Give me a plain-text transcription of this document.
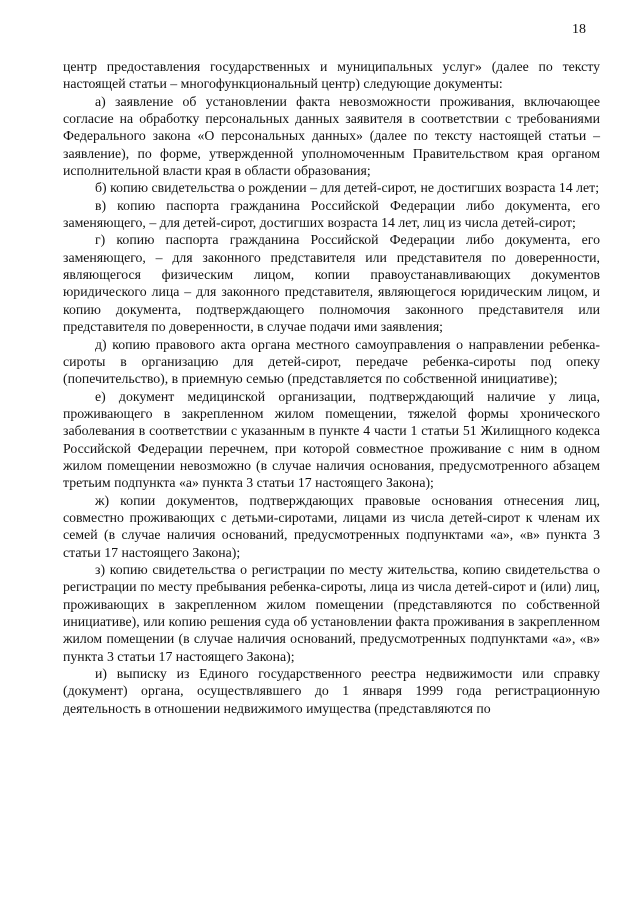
18

центр предоставления государственных и муниципальных услуг» (далее по тексту настоящей статьи – многофункциональный центр) следующие документы:

а) заявление об установлении факта невозможности проживания, включающее согласие на обработку персональных данных заявителя в соответствии с требованиями Федерального закона «О персональных данных» (далее по тексту настоящей статьи – заявление), по форме, утвержденной уполномоченным Правительством края органом исполнительной власти края в области образования;

б) копию свидетельства о рождении – для детей-сирот, не достигших возраста 14 лет;

в) копию паспорта гражданина Российской Федерации либо документа, его заменяющего, – для детей-сирот, достигших возраста 14 лет, лиц из числа детей-сирот;

г) копию паспорта гражданина Российской Федерации либо документа, его заменяющего, – для законного представителя или представителя по доверенности, являющегося физическим лицом, копии правоустанавливающих документов юридического лица – для законного представителя, являющегося юридическим лицом, и копию документа, подтверждающего полномочия законного представителя или представителя по доверенности, в случае подачи ими заявления;

д) копию правового акта органа местного самоуправления о направлении ребенка-сироты в организацию для детей-сирот, передаче ребенка-сироты под опеку (попечительство), в приемную семью (представляется по собственной инициативе);

е) документ медицинской организации, подтверждающий наличие у лица, проживающего в закрепленном жилом помещении, тяжелой формы хронического заболевания в соответствии с указанным в пункте 4 части 1 статьи 51 Жилищного кодекса Российской Федерации перечнем, при которой совместное проживание с ним в одном жилом помещении невозможно (в случае наличия основания, предусмотренного абзацем третьим подпункта «а» пункта 3 статьи 17 настоящего Закона);

ж) копии документов, подтверждающих правовые основания отнесения лиц, совместно проживающих с детьми-сиротами, лицами из числа детей-сирот к членам их семей (в случае наличия оснований, предусмотренных подпунктами «а», «в» пункта 3 статьи 17 настоящего Закона);

з) копию свидетельства о регистрации по месту жительства, копию свидетельства о регистрации по месту пребывания ребенка-сироты, лица из числа детей-сирот и (или) лиц, проживающих в закрепленном жилом помещении (представляются по собственной инициативе), или копию решения суда об установлении факта проживания в закрепленном жилом помещении (в случае наличия оснований, предусмотренных подпунктами «а», «в» пункта 3 статьи 17 настоящего Закона);

и) выписку из Единого государственного реестра недвижимости или справку (документ) органа, осуществлявшего до 1 января 1999 года регистрационную деятельность в отношении недвижимого имущества (представляются по
